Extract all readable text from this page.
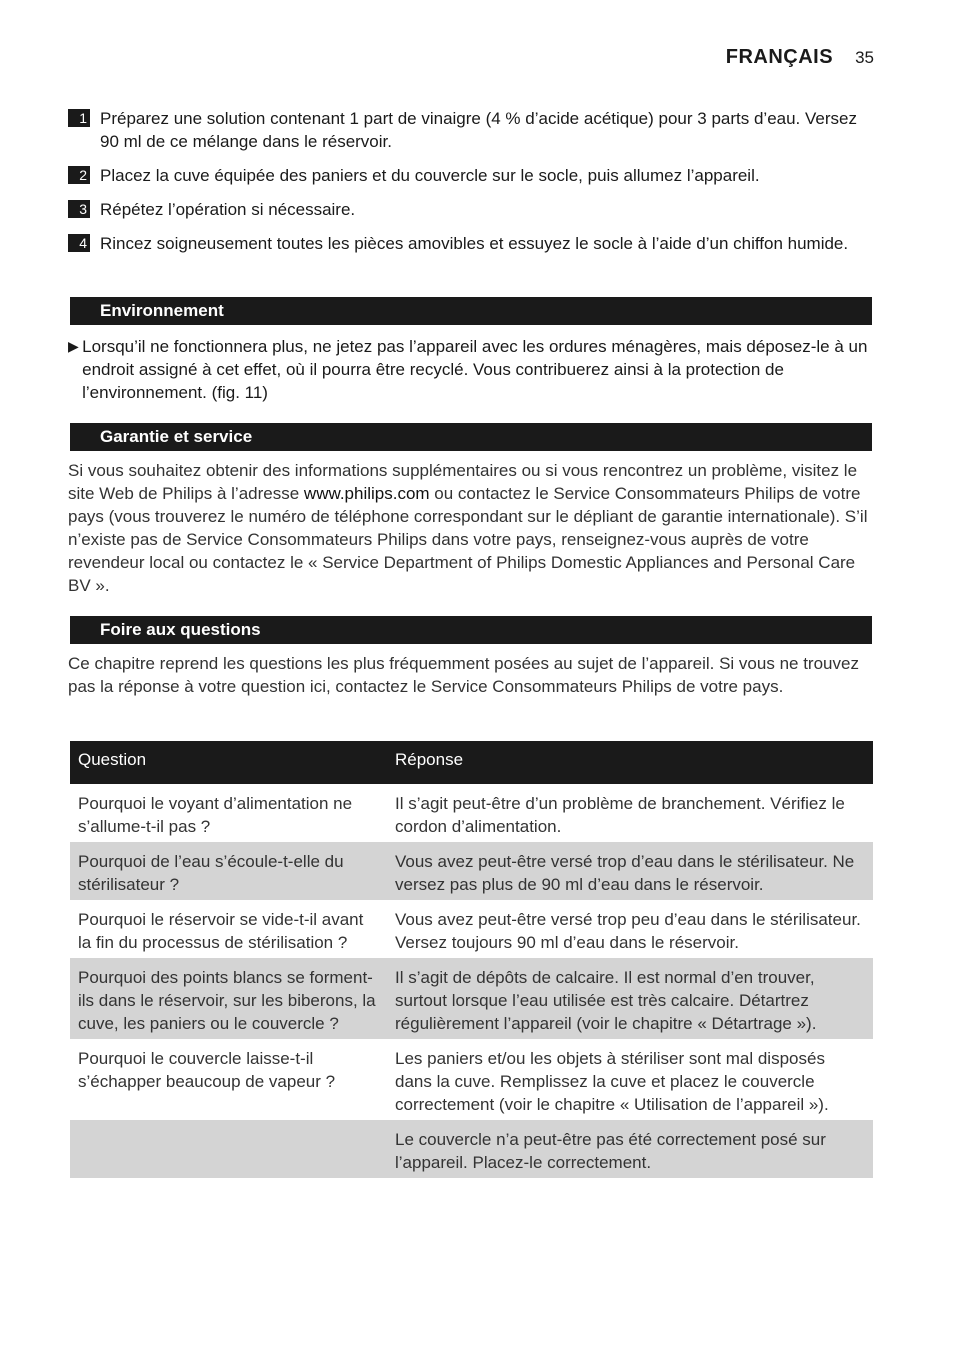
FRANÇAIS 35
1 Préparez une solution contenant 1 part de vinaigre (4 % d’acide acétique) pour 3 parts d’eau. Versez 90 ml de ce mélange dans le réservoir.
2 Placez la cuve équipée des paniers et du couvercle sur le socle, puis allumez l’appareil.
3 Répétez l’opération si nécessaire.
4 Rincez soigneusement toutes les pièces amovibles et essuyez le socle à l’aide d’un chiffon humide.
Environnement
▶ Lorsqu’il ne fonctionnera plus, ne jetez pas l’appareil avec les ordures ménagères, mais déposez-le à un endroit assigné à cet effet, où il pourra être recyclé. Vous contribuerez ainsi à la protection de l’environnement. (fig. 11)
Garantie et service
Si vous souhaitez obtenir des informations supplémentaires ou si vous rencontrez un problème, visitez le site Web de Philips à l’adresse www.philips.com ou contactez le Service Consommateurs Philips de votre pays (vous trouverez le numéro de téléphone correspondant sur le dépliant de garantie internationale). S’il n’existe pas de Service Consommateurs Philips dans votre pays, renseignez-vous auprès de votre revendeur local ou contactez le « Service Department of Philips Domestic Appliances and Personal Care BV ».
Foire aux questions
Ce chapitre reprend les questions les plus fréquemment posées au sujet de l’appareil. Si vous ne trouvez pas la réponse à votre question ici, contactez le Service Consommateurs Philips de votre pays.
Question	Réponse
Pourquoi le voyant d’alimentation ne s’allume-t-il pas ?	Il s’agit peut-être d’un problème de branchement. Vérifiez le cordon d’alimentation.
Pourquoi de l’eau s’écoule-t-elle du stérilisateur ?	Vous avez peut-être versé trop d’eau dans le stérilisateur. Ne versez pas plus de 90 ml d’eau dans le réservoir.
Pourquoi le réservoir se vide-t-il avant la fin du processus de stérilisation ?	Vous avez peut-être versé trop peu d’eau dans le stérilisateur. Versez toujours 90 ml d’eau dans le réservoir.
Pourquoi des points blancs se forment-ils dans le réservoir, sur les biberons, la cuve, les paniers ou le couvercle ?	Il s’agit de dépôts de calcaire. Il est normal d’en trouver, surtout lorsque l’eau utilisée est très calcaire. Détartrez régulièrement l’appareil (voir le chapitre « Détartrage »).
Pourquoi le couvercle laisse-t-il s’échapper beaucoup de vapeur ?	Les paniers et/ou les objets à stériliser sont mal disposés dans la cuve. Remplissez la cuve et placez le couvercle correctement (voir le chapitre « Utilisation de l’appareil »).
	Le couvercle n’a peut-être pas été correctement posé sur l’appareil. Placez-le correctement.
